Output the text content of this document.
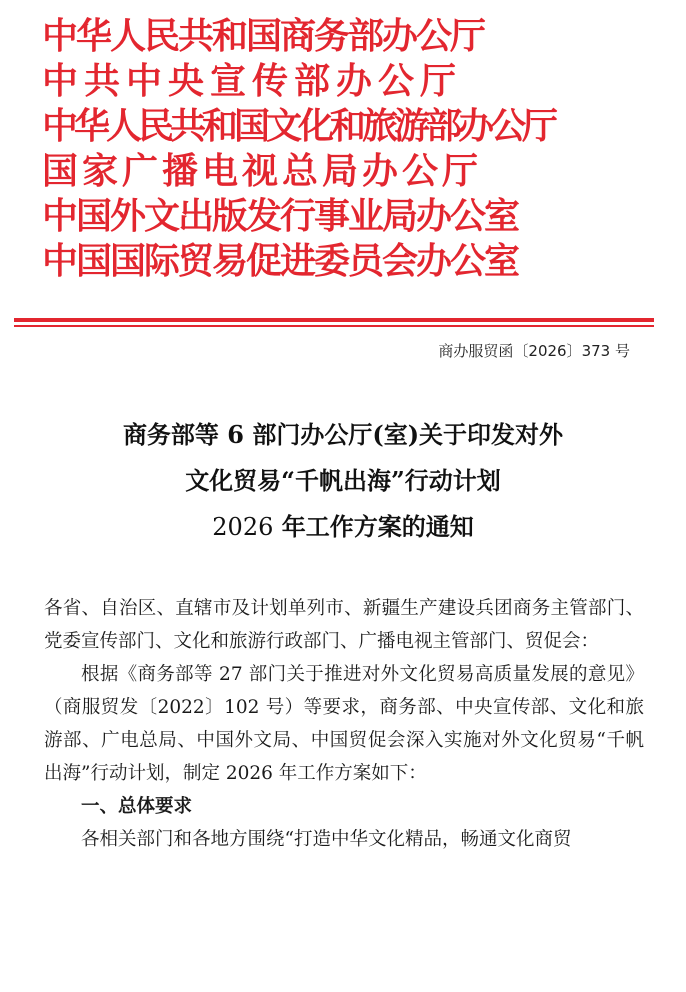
中华人民共和国商务部办公厅
中共中央宣传部办公厅
中华人民共和国文化和旅游部办公厅
国家广播电视总局办公厅
中国外文出版发行事业局办公室
中国国际贸易促进委员会办公室
商办服贸函〔2026〕373 号
商务部等 6 部门办公厅(室)关于印发对外
文化贸易“千帆出海”行动计划
2026 年工作方案的通知

各省、自治区、直辖市及计划单列市、新疆生产建设兵团商务主管部门、党委宣传部门、文化和旅游行政部门、广播电视主管部门、贸促会：

根据《商务部等 27 部门关于推进对外文化贸易高质量发展的意见》（商服贸发〔2022〕102 号）等要求，商务部、中央宣传部、文化和旅游部、广电总局、中国外文局、中国贸促会深入实施对外文化贸易“千帆出海”行动计划，制定 2026 年工作方案如下：

一、总体要求

各相关部门和各地方围绕“打造中华文化精品，畅通文化商贸
